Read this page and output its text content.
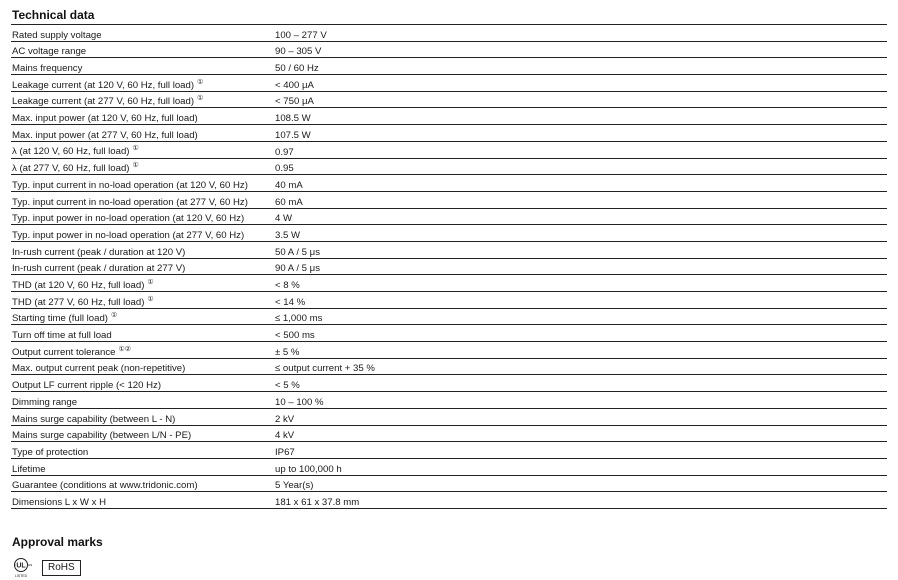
Technical data
Rated supply voltage	100 – 277 V
AC voltage range	90 – 305 V
Mains frequency	50 / 60 Hz
Leakage current (at 120 V, 60 Hz, full load) ①	< 400 μA
Leakage current (at 277 V, 60 Hz, full load) ①	< 750 μA
Max. input power (at 120 V, 60 Hz, full load)	108.5 W
Max. input power (at 277 V, 60 Hz, full load)	107.5 W
λ (at 120 V, 60 Hz, full load) ①	0.97
λ (at 277 V, 60 Hz, full load) ①	0.95
Typ. input current in no-load operation (at 120 V, 60 Hz)	40 mA
Typ. input current in no-load operation (at 277 V, 60 Hz)	60 mA
Typ. input power in no-load operation (at 120 V, 60 Hz)	4 W
Typ. input power in no-load operation (at 277 V, 60 Hz)	3.5 W
In-rush current (peak / duration at 120 V)	50 A / 5 μs
In-rush current (peak / duration at 277 V)	90 A / 5 μs
THD (at 120 V, 60 Hz, full load) ①	< 8 %
THD (at 277 V, 60 Hz, full load) ①	< 14 %
Starting time (full load) ①	≤ 1,000 ms
Turn off time at full load	< 500 ms
Output current tolerance ①②	± 5 %
Max. output current peak (non-repetitive)	≤ output current + 35 %
Output LF current ripple (< 120 Hz)	< 5 %
Dimming range	10 – 100 %
Mains surge capability (between L - N)	2 kV
Mains surge capability (between L/N - PE)	4 kV
Type of protection	IP67
Lifetime	up to 100,000 h
Guarantee (conditions at www.tridonic.com)	5 Year(s)
Dimensions L x W x H	181 x 61 x 37.8 mm
Approval marks
UL
c	us
LISTED
RoHS
